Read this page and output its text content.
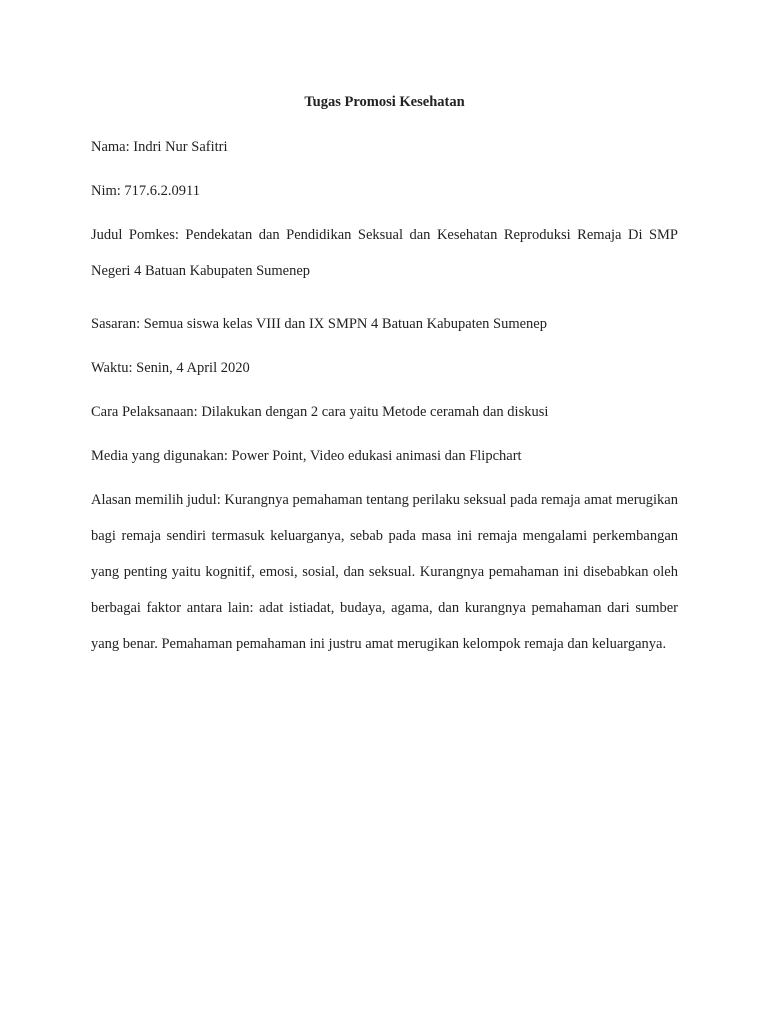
Tugas Promosi Kesehatan
Nama: Indri Nur Safitri
Nim: 717.6.2.0911
Judul Pomkes: Pendekatan dan Pendidikan Seksual dan Kesehatan Reproduksi Remaja Di SMP Negeri 4 Batuan Kabupaten Sumenep
Sasaran: Semua siswa kelas VIII dan IX SMPN 4 Batuan Kabupaten Sumenep
Waktu: Senin, 4 April 2020
Cara Pelaksanaan: Dilakukan dengan 2 cara yaitu Metode ceramah dan diskusi
Media yang digunakan: Power Point, Video edukasi animasi dan Flipchart
Alasan memilih judul: Kurangnya pemahaman tentang perilaku seksual pada remaja amat merugikan bagi remaja sendiri termasuk keluarganya, sebab pada masa ini remaja mengalami perkembangan yang penting yaitu kognitif, emosi, sosial, dan seksual. Kurangnya pemahaman ini disebabkan oleh berbagai faktor antara lain: adat istiadat, budaya, agama, dan kurangnya pemahaman dari sumber yang benar. Pemahaman pemahaman ini justru amat merugikan kelompok remaja dan keluarganya.
